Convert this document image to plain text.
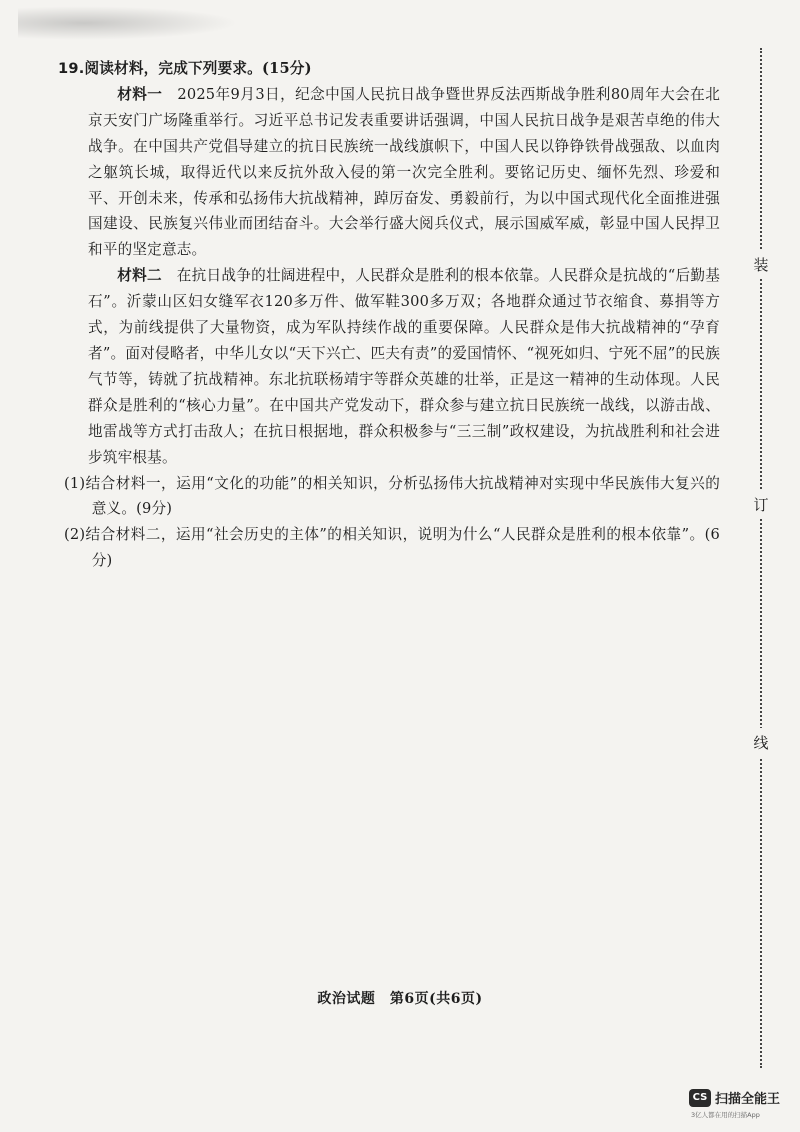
19.阅读材料，完成下列要求。(15分)

材料一　 2025年9月3日，纪念中国人民抗日战争暨世界反法西斯战争胜利80周年大会在北京天安门广场隆重举行。习近平总书记发表重要讲话强调，中国人民抗日战争是艰苦卓绝的伟大战争。在中国共产党倡导建立的抗日民族统一战线旗帜下，中国人民以铮铮铁骨战强敌、以血肉之躯筑长城，取得近代以来反抗外敌入侵的第一次完全胜利。要铭记历史、缅怀先烈、珍爱和平、开创未来，传承和弘扬伟大抗战精神，踔厉奋发、勇毅前行，为以中国式现代化全面推进强国建设、民族复兴伟业而团结奋斗。大会举行盛大阅兵仪式，展示国威军威，彰显中国人民捍卫和平的坚定意志。

材料二　 在抗日战争的壮阔进程中，人民群众是胜利的根本依靠。人民群众是抗战的“后勤基石”。沂蒙山区妇女缝军衣120多万件、做军鞋300多万双；各地群众通过节衣缩食、募捐等方式，为前线提供了大量物资，成为军队持续作战的重要保障。人民群众是伟大抗战精神的“孕育者”。面对侵略者，中华儿女以“天下兴亡、匹夫有责”的爱国情怀、“视死如归、宁死不屈”的民族气节等，铸就了抗战精神。东北抗联杨靖宇等群众英雄的壮举，正是这一精神的生动体现。人民群众是胜利的“核心力量”。在中国共产党发动下，群众参与建立抗日民族统一战线，以游击战、地雷战等方式打击敌人；在抗日根据地，群众积极参与“三三制”政权建设，为抗战胜利和社会进步筑牢根基。

(1)结合材料一，运用“文化的功能”的相关知识，分析弘扬伟大抗战精神对实现中华民族伟大复兴的意义。(9分)

(2)结合材料二，运用“社会历史的主体”的相关知识，说明为什么“人民群众是胜利的根本依靠”。(6分)

装
订
线
政治试题　第6页(共6页)
CS 扫描全能王
3亿人都在用的扫描App
